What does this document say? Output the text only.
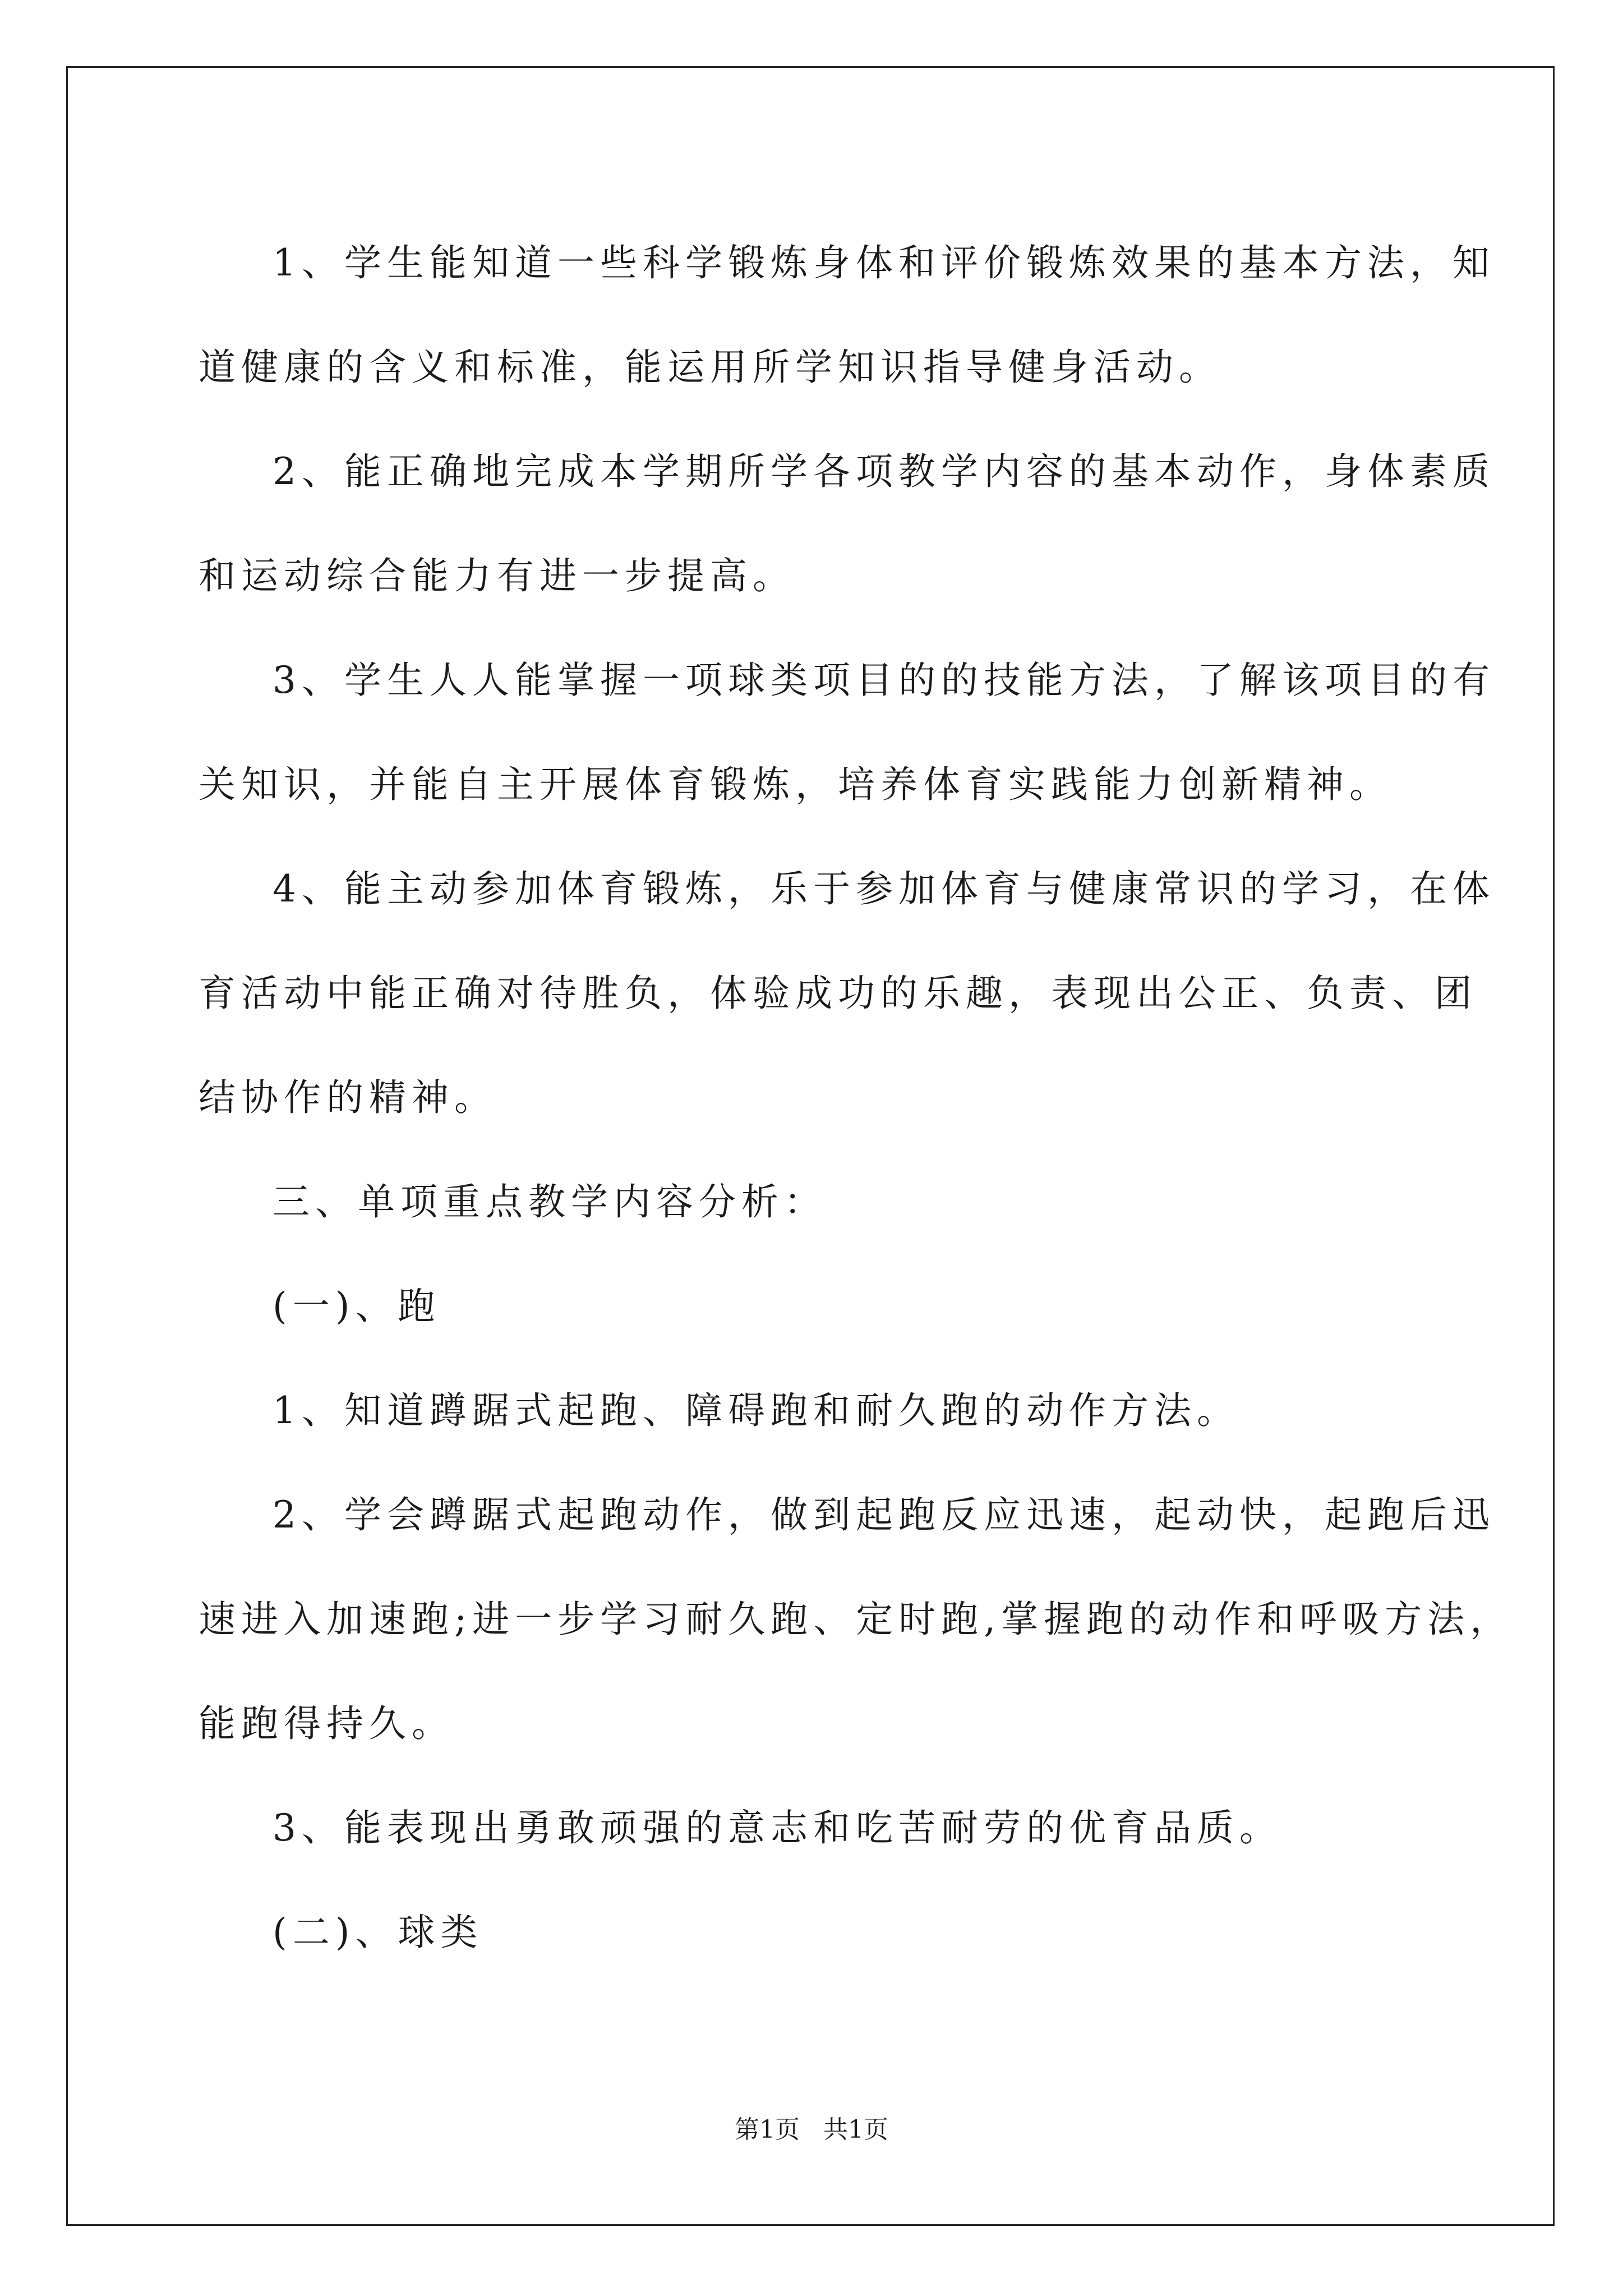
1、学生能知道一些科学锻炼身体和评价锻炼效果的基本方法，知
道健康的含义和标准，能运用所学知识指导健身活动。
2、能正确地完成本学期所学各项教学内容的基本动作，身体素质
和运动综合能力有进一步提高。
3、学生人人能掌握一项球类项目的的技能方法，了解该项目的有
关知识，并能自主开展体育锻炼，培养体育实践能力创新精神。
4、能主动参加体育锻炼，乐于参加体育与健康常识的学习，在体
育活动中能正确对待胜负，体验成功的乐趣，表现出公正、负责、团
结协作的精神。
三、单项重点教学内容分析：
(一)、跑
1、知道蹲踞式起跑、障碍跑和耐久跑的动作方法。
2、学会蹲踞式起跑动作，做到起跑反应迅速，起动快，起跑后迅
速进入加速跑;进一步学习耐久跑、定时跑,掌握跑的动作和呼吸方法，
能跑得持久。
3、能表现出勇敢顽强的意志和吃苦耐劳的优育品质。
(二)、球类
第1页   共1页
